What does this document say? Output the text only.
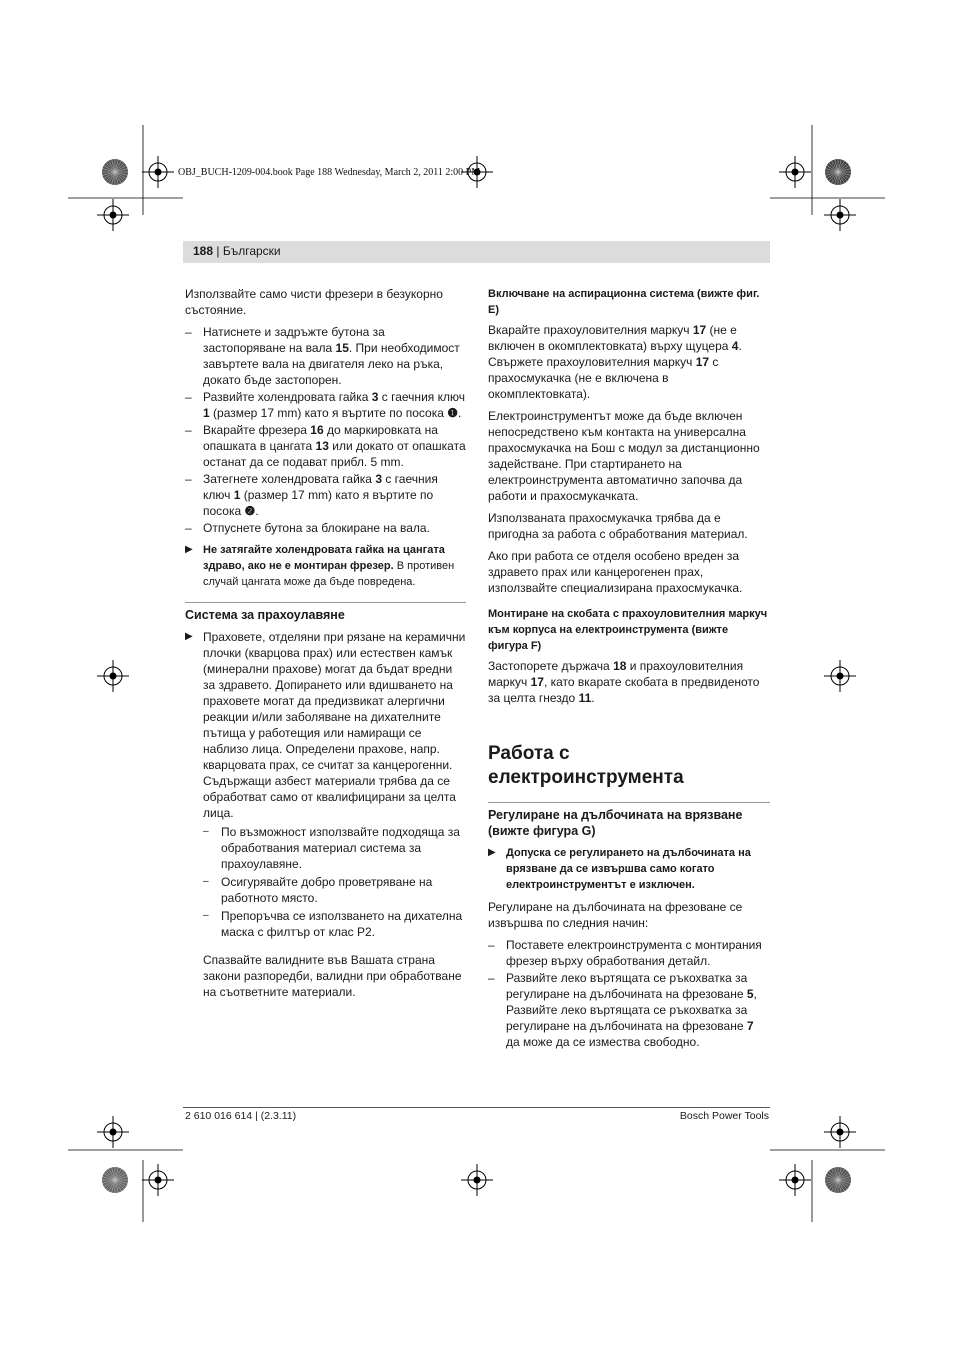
OBJ_BUCH-1209-004.book Page 188 Wednesday, March 2, 2011 2:00 PM
188 | Български

Използвайте само чисти фрезери в безукорно състояние.

– Натиснете и задръжте бутона за застопоряване на вала 15. При необходимост завъртете вала на двигателя леко на ръка, докато бъде застопорен.
– Развийте холендровата гайка 3 с гаечния ключ 1 (размер 17 mm) като я въртите по посока ❶.
– Вкарайте фрезера 16 до маркировката на опашката в цангата 13 или докато от опашката останат да се подават прибл. 5 mm.
– Затегнете холендровата гайка 3 с гаечния ключ 1 (размер 17 mm) като я въртите по посока ❷.
– Отпуснете бутона за блокиране на вала.
▶ Не затягайте холендровата гайка на цангата здраво, ако не е монтиран фрезер. В противен случай цангата може да бъде повредена.
Система за прахоулавяне
▶ Праховете, отделяни при рязане на керамични плочки (кварцова прах) или естествен камък (минерални прахове) могат да бъдат вредни за здравето. Допирането или вдишването на праховете могат да предизвикат алергични реакции и/или заболяване на дихателните пътища у работещия или намиращи се наблизо лица. Определени прахове, напр. кварцовата прах, се считат за канцерогенни. Съдържащи азбест материали трябва да се обработват само от квалифицирани за целта лица.
– По възможност използвайте подходяща за обработвания материал система за прахоулавяне.
– Осигурявайте добро проветряване на работното място.
– Препоръчва се използването на дихателна маска с филтър от клас P2.

Спазвайте валидните във Вашата страна закони разпоредби, валидни при обработване на съответните материали.

Включване на аспирационна система (вижте фиг. E)

Вкарайте прахоуловителния маркуч 17 (не е включен в окомплектовката) върху щуцера 4. Свържете прахоуловителния маркуч 17 с прахосмукачка (не е включена в окомплектовката).

Електроинструментът може да бъде включен непосредствено към контакта на универсална прахосмукачка на Бош с модул за дистанционно задействане. При стартирането на електроинструмента автоматично започва да работи и прахосмукачката.

Използваната прахосмукачка трябва да е пригодна за работа с обработвания материал.

Ако при работа се отделя особено вреден за здравето прах или канцерогенен прах, използвайте специализирана прахосмукачка.

Монтиране на скобата с прахоуловителния маркуч към корпуса на електроинструмента (вижте фигура F)

Застопорете държача 18 и прахоуловителния маркуч 17, като вкарате скобата в предвиденото за целта гнездо 11.

Работа с електроинструмента
Регулиране на дълбочината на врязване (вижте фигура G)
▶ Допуска се регулирането на дълбочината на врязване да се извършва само когато електроинструментът е изключен.

Регулиране на дълбочината на фрезоване се извършва по следния начин:

– Поставете електроинструмента с монтирания фрезер върху обработвания детайл.
– Развийте леко въртящата се ръкохватка за регулиране на дълбочината на фрезоване 5, Развийте леко въртящата се ръкохватка за регулиране на дълбочината на фрезоване 7 да може да се измества свободно.
2 610 016 614 | (2.3.11)	Bosch Power Tools
